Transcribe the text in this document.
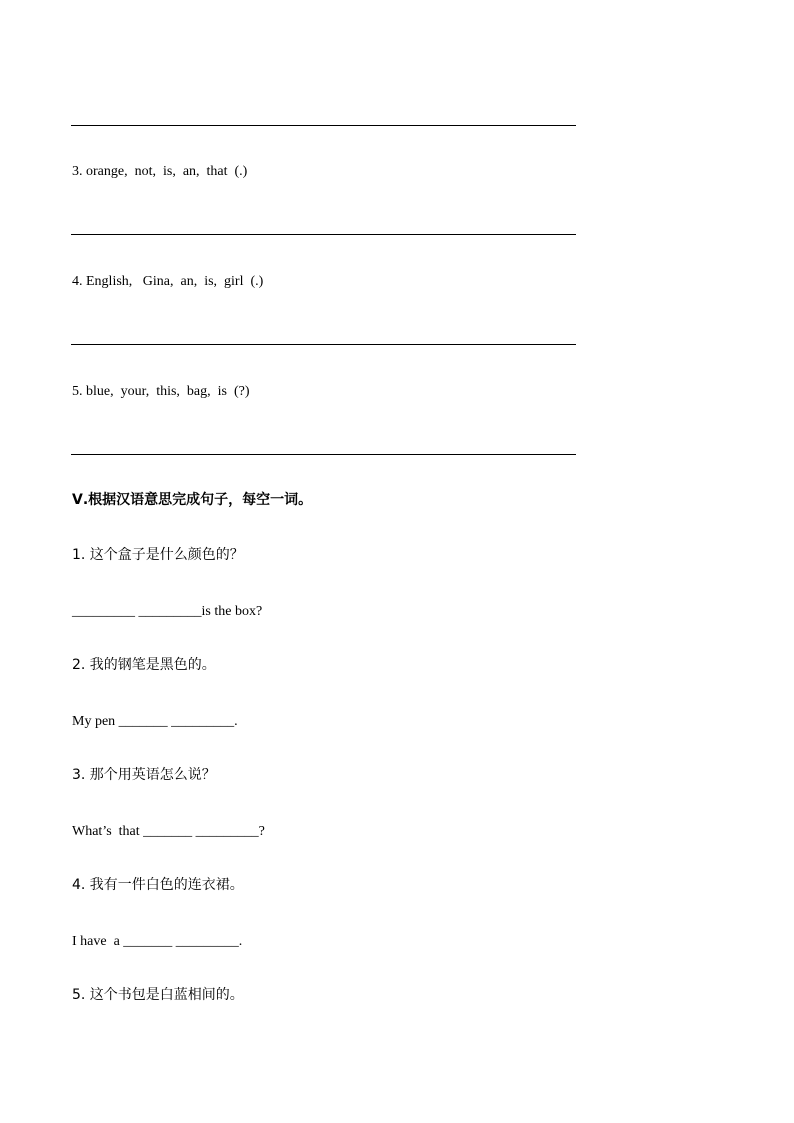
3. orange,  not,  is,  an,  that  (.)
4. English,   Gina,  an,  is,  girl  (.)
5. blue,  your,  this,  bag,  is  (?)
Ⅴ.根据汉语意思完成句子，每空一词。
1. 这个盒子是什么颜色的？
_________ _________is the box?
2. 我的钢笔是黑色的。
My pen _______ _________.
3. 那个用英语怎么说？
What’s  that _______ _________?
4. 我有一件白色的连衣裙。
I have  a _______ _________.
5. 这个书包是白蓝相间的。
